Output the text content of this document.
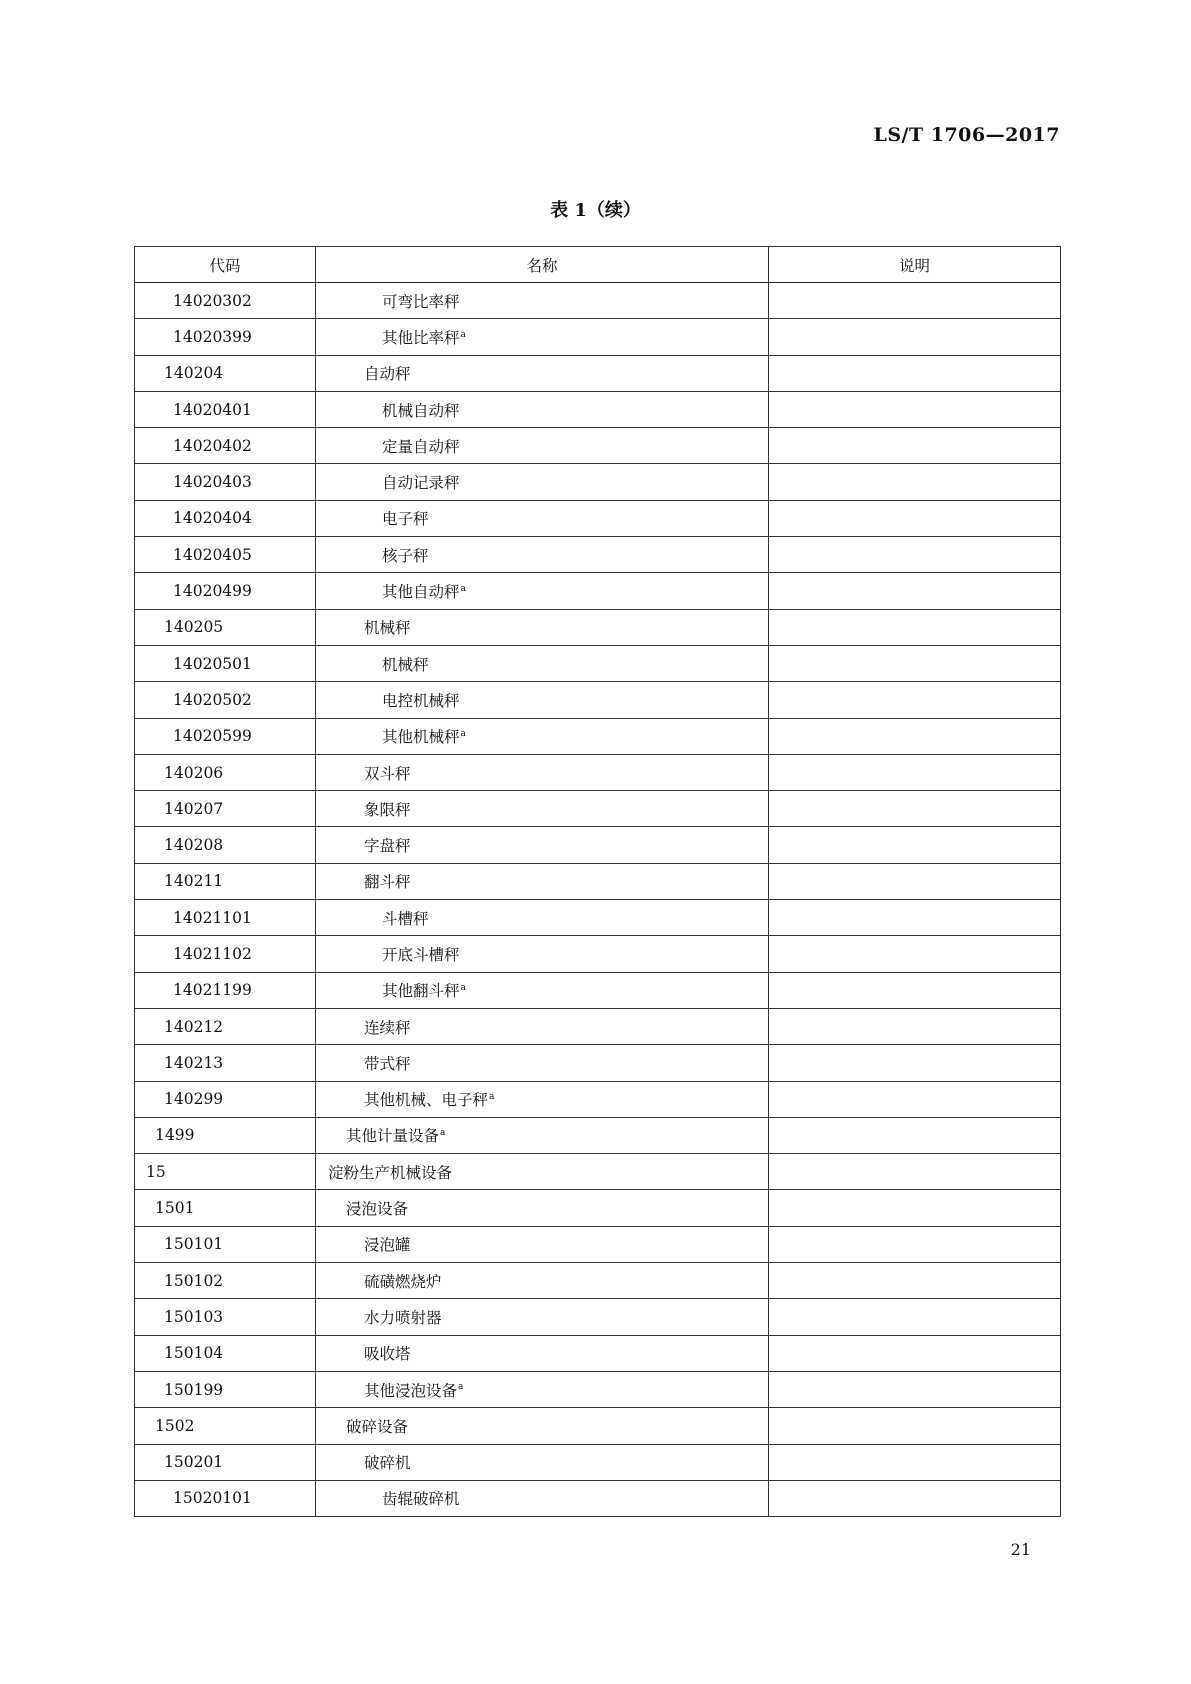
LS/T 1706—2017
表 1（续）
代码	名称	说明
14020302	可弯比率秤	
14020399	其他比率秤$^a$	
140204	自动秤	
14020401	机械自动秤	
14020402	定量自动秤	
14020403	自动记录秤	
14020404	电子秤	
14020405	核子秤	
14020499	其他自动秤$^a$	
140205	机械秤	
14020501	机械秤	
14020502	电控机械秤	
14020599	其他机械秤$^a$	
140206	双斗秤	
140207	象限秤	
140208	字盘秤	
140211	翻斗秤	
14021101	斗槽秤	
14021102	开底斗槽秤	
14021199	其他翻斗秤$^a$	
140212	连续秤	
140213	带式秤	
140299	其他机械、电子秤$^a$	
1499	其他计量设备$^a$	
15	淀粉生产机械设备	
1501	浸泡设备	
150101	浸泡罐	
150102	硫磺燃烧炉	
150103	水力喷射器	
150104	吸收塔	
150199	其他浸泡设备$^a$	
1502	破碎设备	
150201	破碎机	
15020101	齿辊破碎机	
21
